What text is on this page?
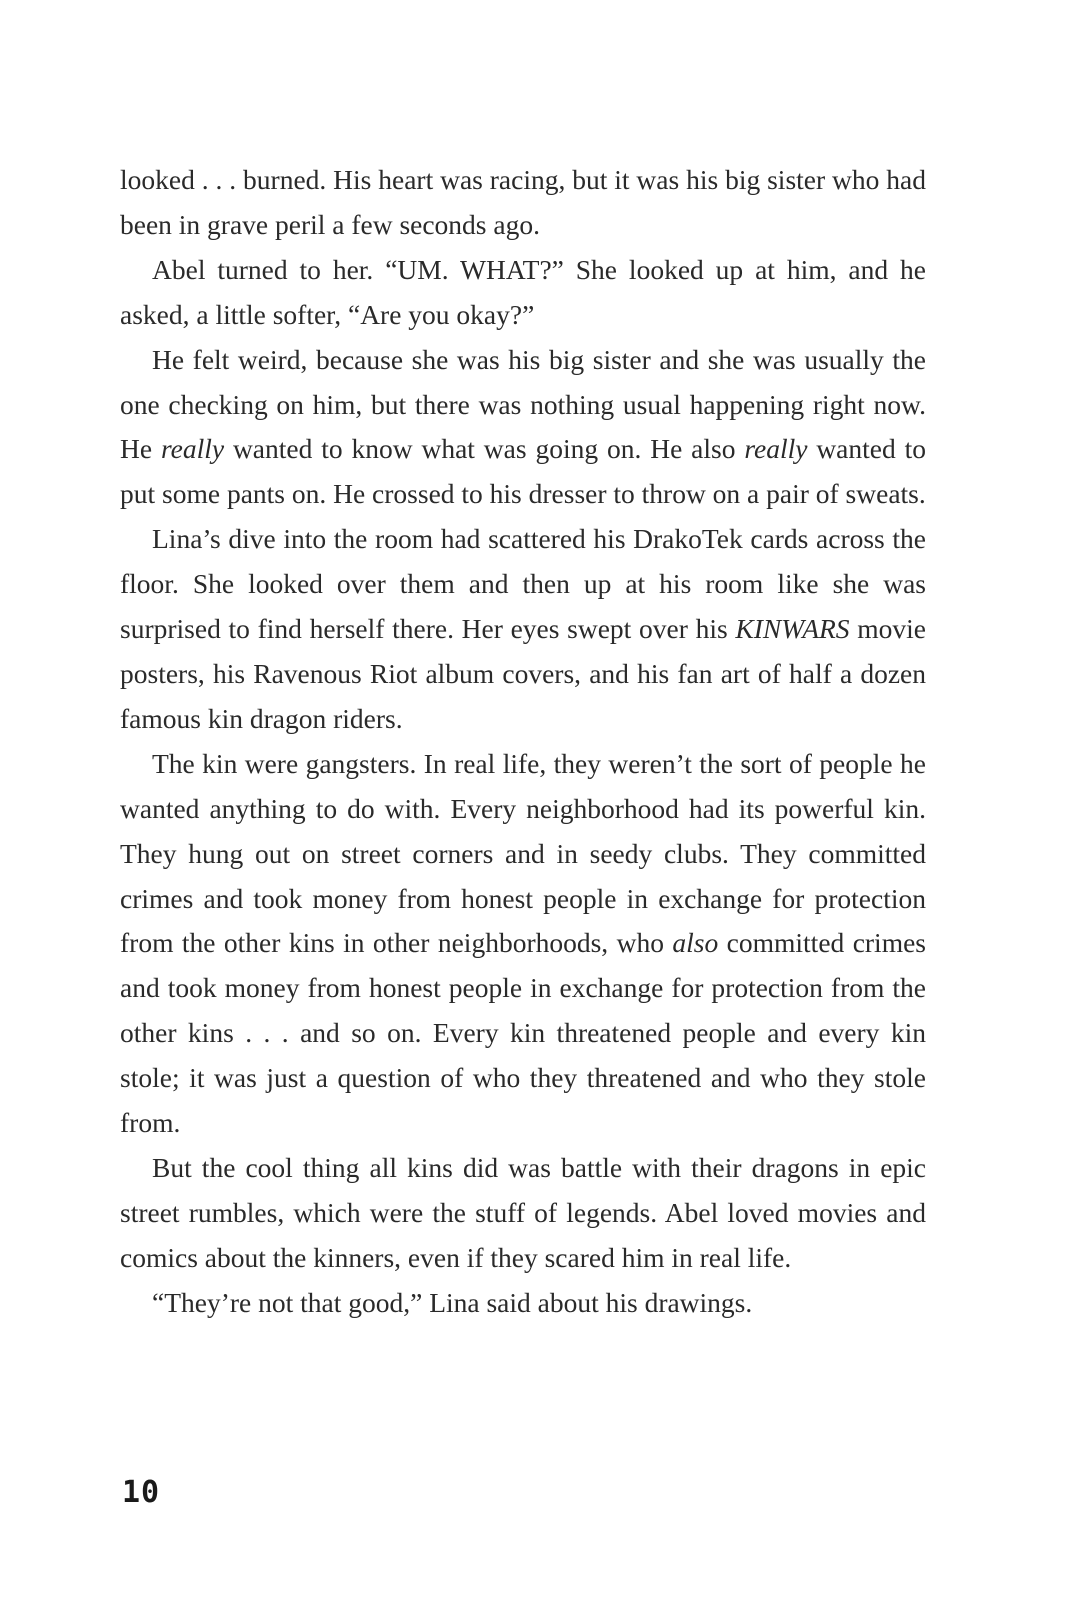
looked . . . burned. His heart was racing, but it was his big sister who had been in grave peril a few seconds ago.

Abel turned to her. “UM. WHAT?” She looked up at him, and he asked, a little softer, “Are you okay?”

He felt weird, because she was his big sister and she was usually the one checking on him, but there was nothing usual happening right now. He really wanted to know what was going on. He also really wanted to put some pants on. He crossed to his dresser to throw on a pair of sweats.

Lina’s dive into the room had scattered his DrakoTek cards across the floor. She looked over them and then up at his room like she was surprised to find herself there. Her eyes swept over his KINWARS movie posters, his Ravenous Riot album covers, and his fan art of half a dozen famous kin dragon riders.

The kin were gangsters. In real life, they weren’t the sort of people he wanted anything to do with. Every neighborhood had its powerful kin. They hung out on street corners and in seedy clubs. They committed crimes and took money from honest people in exchange for protection from the other kins in other neighborhoods, who also committed crimes and took money from honest people in exchange for protection from the other kins . . . and so on. Every kin threatened people and every kin stole; it was just a question of who they threatened and who they stole from.

But the cool thing all kins did was battle with their dragons in epic street rumbles, which were the stuff of legends. Abel loved movies and comics about the kinners, even if they scared him in real life.

“They’re not that good,” Lina said about his drawings.

10
